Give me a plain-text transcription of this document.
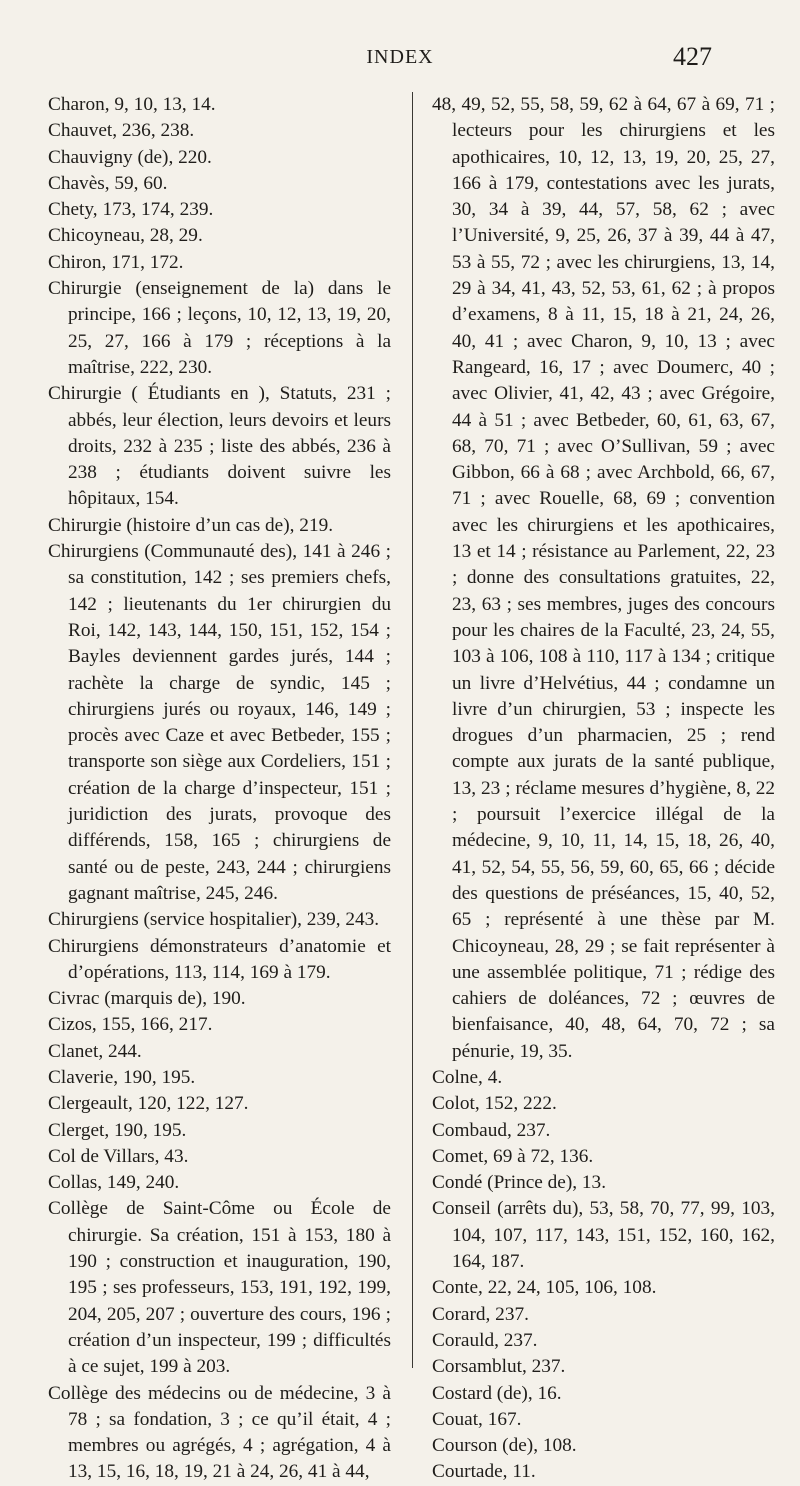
INDEX	427

Charon, 9, 10, 13, 14.

Chauvet, 236, 238.

Chauvigny (de), 220.

Chavès, 59, 60.

Chety, 173, 174, 239.

Chicoyneau, 28, 29.

Chiron, 171, 172.

Chirurgie (enseignement de la) dans le principe, 166 ; leçons, 10, 12, 13, 19, 20, 25, 27, 166 à 179 ; réceptions à la maîtrise, 222, 230.

Chirurgie ( Étudiants en ), Statuts, 231 ; abbés, leur élection, leurs devoirs et leurs droits, 232 à 235 ; liste des abbés, 236 à 238 ; étudiants doivent suivre les hôpitaux, 154.

Chirurgie (histoire d’un cas de), 219.

Chirurgiens (Communauté des), 141 à 246 ; sa constitution, 142 ; ses premiers chefs, 142 ; lieutenants du 1er chirurgien du Roi, 142, 143, 144, 150, 151, 152, 154 ; Bayles deviennent gardes jurés, 144 ; rachète la charge de syndic, 145 ; chirurgiens jurés ou royaux, 146, 149 ; procès avec Caze et avec Betbeder, 155 ; transporte son siège aux Cordeliers, 151 ; création de la charge d’inspecteur, 151 ; juridiction des jurats, provoque des différends, 158, 165 ; chirurgiens de santé ou de peste, 243, 244 ; chirurgiens gagnant maîtrise, 245, 246.

Chirurgiens (service hospitalier), 239, 243.

Chirurgiens démonstrateurs d’anatomie et d’opérations, 113, 114, 169 à 179.

Civrac (marquis de), 190.

Cizos, 155, 166, 217.

Clanet, 244.

Claverie, 190, 195.

Clergeault, 120, 122, 127.

Clerget, 190, 195.

Col de Villars, 43.

Collas, 149, 240.

Collège de Saint-Côme ou École de chirurgie. Sa création, 151 à 153, 180 à 190 ; construction et inauguration, 190, 195 ; ses professeurs, 153, 191, 192, 199, 204, 205, 207 ; ouverture des cours, 196 ; création d’un inspecteur, 199 ; difficultés à ce sujet, 199 à 203.

Collège des médecins ou de médecine, 3 à 78 ; sa fondation, 3 ; ce qu’il était, 4 ; membres ou agrégés, 4 ; agrégation, 4 à 13, 15, 16, 18, 19, 21 à 24, 26, 41 à 44,

48, 49, 52, 55, 58, 59, 62 à 64, 67 à 69, 71 ; lecteurs pour les chirurgiens et les apothicaires, 10, 12, 13, 19, 20, 25, 27, 166 à 179, contestations avec les jurats, 30, 34 à 39, 44, 57, 58, 62 ; avec l’Université, 9, 25, 26, 37 à 39, 44 à 47, 53 à 55, 72 ; avec les chirurgiens, 13, 14, 29 à 34, 41, 43, 52, 53, 61, 62 ; à propos d’examens, 8 à 11, 15, 18 à 21, 24, 26, 40, 41 ; avec Charon, 9, 10, 13 ; avec Rangeard, 16, 17 ; avec Doumerc, 40 ; avec Olivier, 41, 42, 43 ; avec Grégoire, 44 à 51 ; avec Betbeder, 60, 61, 63, 67, 68, 70, 71 ; avec O’Sullivan, 59 ; avec Gibbon, 66 à 68 ; avec Archbold, 66, 67, 71 ; avec Rouelle, 68, 69 ; convention avec les chirurgiens et les apothicaires, 13 et 14 ; résistance au Parlement, 22, 23 ; donne des consultations gratuites, 22, 23, 63 ; ses membres, juges des concours pour les chaires de la Faculté, 23, 24, 55, 103 à 106, 108 à 110, 117 à 134 ; critique un livre d’Helvétius, 44 ; condamne un livre d’un chirurgien, 53 ; inspecte les drogues d’un pharmacien, 25 ; rend compte aux jurats de la santé publique, 13, 23 ; réclame mesures d’hygiène, 8, 22 ; poursuit l’exercice illégal de la médecine, 9, 10, 11, 14, 15, 18, 26, 40, 41, 52, 54, 55, 56, 59, 60, 65, 66 ; décide des questions de préséances, 15, 40, 52, 65 ; représenté à une thèse par M. Chicoyneau, 28, 29 ; se fait représenter à une assemblée politique, 71 ; rédige des cahiers de doléances, 72 ; œuvres de bienfaisance, 40, 48, 64, 70, 72 ; sa pénurie, 19, 35.

Colne, 4.

Colot, 152, 222.

Combaud, 237.

Comet, 69 à 72, 136.

Condé (Prince de), 13.

Conseil (arrêts du), 53, 58, 70, 77, 99, 103, 104, 107, 117, 143, 151, 152, 160, 162, 164, 187.

Conte, 22, 24, 105, 106, 108.

Corard, 237.

Corauld, 237.

Corsamblut, 237.

Costard (de), 16.

Couat, 167.

Courson (de), 108.

Courtade, 11.
